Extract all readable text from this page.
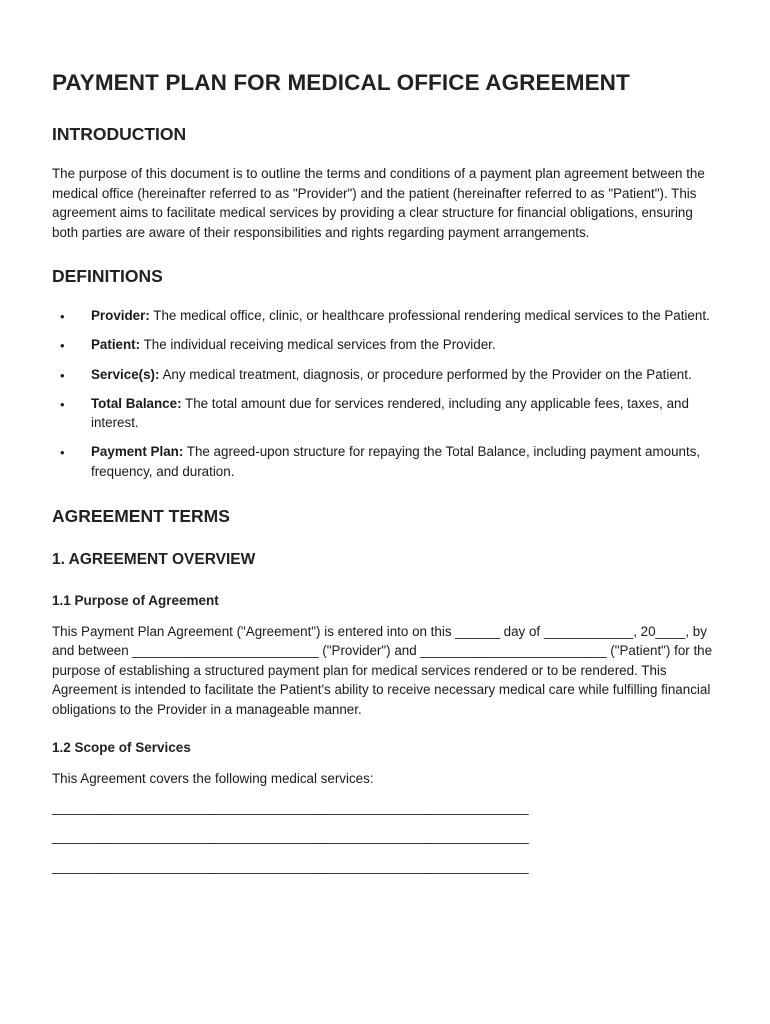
PAYMENT PLAN FOR MEDICAL OFFICE AGREEMENT
INTRODUCTION

The purpose of this document is to outline the terms and conditions of a payment plan agreement between the medical office (hereinafter referred to as "Provider") and the patient (hereinafter referred to as "Patient"). This agreement aims to facilitate medical services by providing a clear structure for financial obligations, ensuring both parties are aware of their responsibilities and rights regarding payment arrangements.

DEFINITIONS
• Provider: The medical office, clinic, or healthcare professional rendering medical services to the Patient.
• Patient: The individual receiving medical services from the Provider.
• Service(s): Any medical treatment, diagnosis, or procedure performed by the Provider on the Patient.
• Total Balance: The total amount due for services rendered, including any applicable fees, taxes, and interest.
• Payment Plan: The agreed-upon structure for repaying the Total Balance, including payment amounts, frequency, and duration.
AGREEMENT TERMS
1. AGREEMENT OVERVIEW
1.1 Purpose of Agreement

This Payment Plan Agreement ("Agreement") is entered into on this ______ day of ____________, 20____, by and between _________________________ ("Provider") and _________________________ ("Patient") for the purpose of establishing a structured payment plan for medical services rendered or to be rendered. This Agreement is intended to facilitate the Patient's ability to receive necessary medical care while fulfilling financial obligations to the Provider in a manageable manner.

1.2 Scope of Services

This Agreement covers the following medical services:

________________________________________________________________
________________________________________________________________
________________________________________________________________
